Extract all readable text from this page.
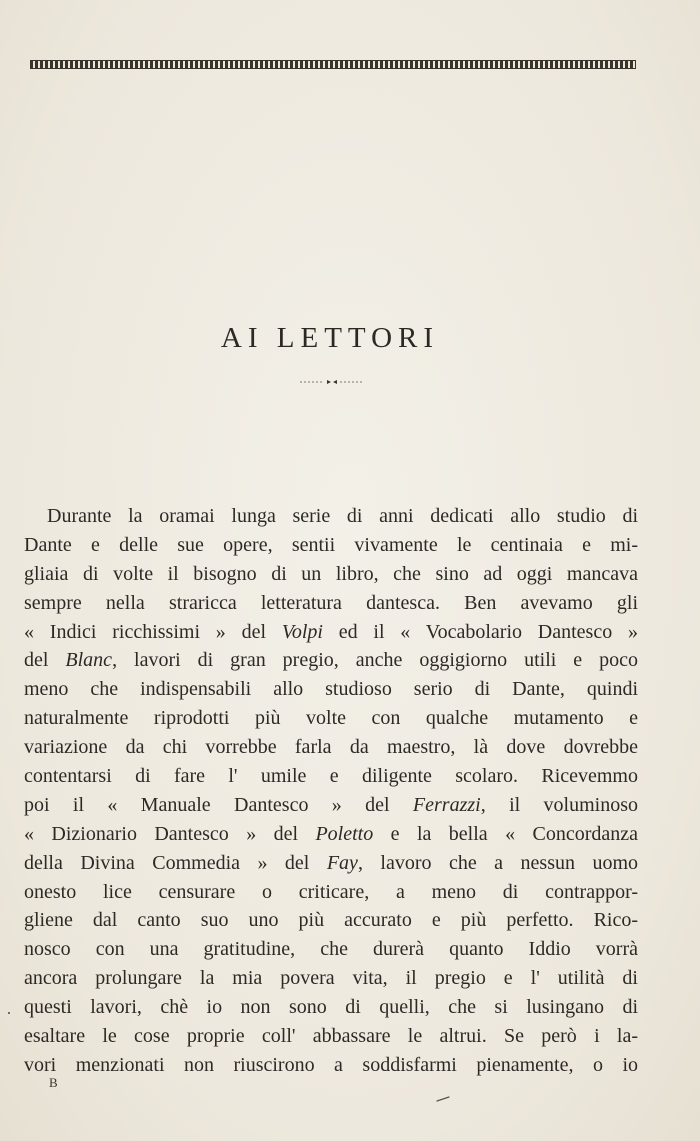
AI LETTORI
Durante la oramai lunga serie di anni dedicati allo studio di
Dante e delle sue opere, sentii vivamente le centinaia e mi-
gliaia di volte il bisogno di un libro, che sino ad oggi mancava
sempre nella straricca letteratura dantesca. Ben avevamo gli
« Indici ricchissimi » del Volpi ed il « Vocabolario Dantesco »
del Blanc, lavori di gran pregio, anche oggigiorno utili e poco
meno che indispensabili allo studioso serio di Dante, quindi
naturalmente riprodotti più volte con qualche mutamento e
variazione da chi vorrebbe farla da maestro, là dove dovrebbe
contentarsi di fare l' umile e diligente scolaro. Ricevemmo
poi il « Manuale Dantesco » del Ferrazzi, il voluminoso
« Dizionario Dantesco » del Poletto e la bella « Concordanza
della Divina Commedia » del Fay, lavoro che a nessun uomo
onesto lice censurare o criticare, a meno di contrappor-
gliene dal canto suo uno più accurato e più perfetto. Rico-
nosco con una gratitudine, che durerà quanto Iddio vorrà
ancora prolungare la mia povera vita, il pregio e l' utilità di
questi lavori, chè io non sono di quelli, che si lusingano di
esaltare le cose proprie coll' abbassare le altrui. Se però i la-
vori menzionati non riuscirono a soddisfarmi pienamente, o io
B
